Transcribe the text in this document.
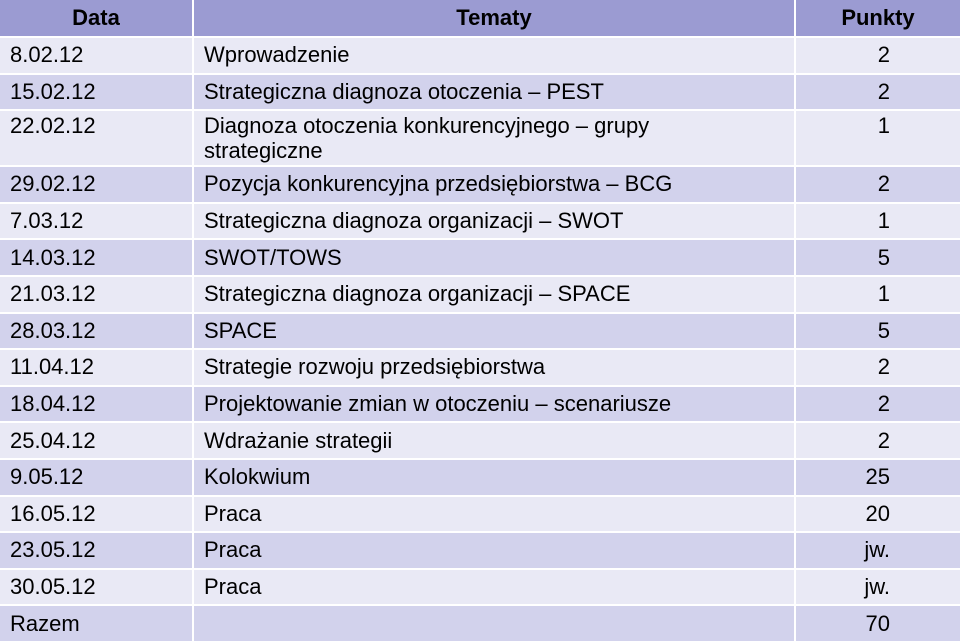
Data	Tematy	Punkty
8.02.12	Wprowadzenie	2
15.02.12	Strategiczna diagnoza otoczenia – PEST	2
22.02.12	Diagnoza otoczenia konkurencyjnego – grupy strategiczne	1
29.02.12	Pozycja konkurencyjna przedsiębiorstwa – BCG	2
7.03.12	Strategiczna diagnoza organizacji – SWOT	1
14.03.12	SWOT/TOWS	5
21.03.12	Strategiczna diagnoza organizacji – SPACE	1
28.03.12	SPACE	5
11.04.12	Strategie rozwoju przedsiębiorstwa	2
18.04.12	Projektowanie zmian w otoczeniu – scenariusze	2
25.04.12	Wdrażanie strategii	2
9.05.12	Kolokwium	25
16.05.12	Praca	20
23.05.12	Praca	jw.
30.05.12	Praca	jw.
Razem		70
